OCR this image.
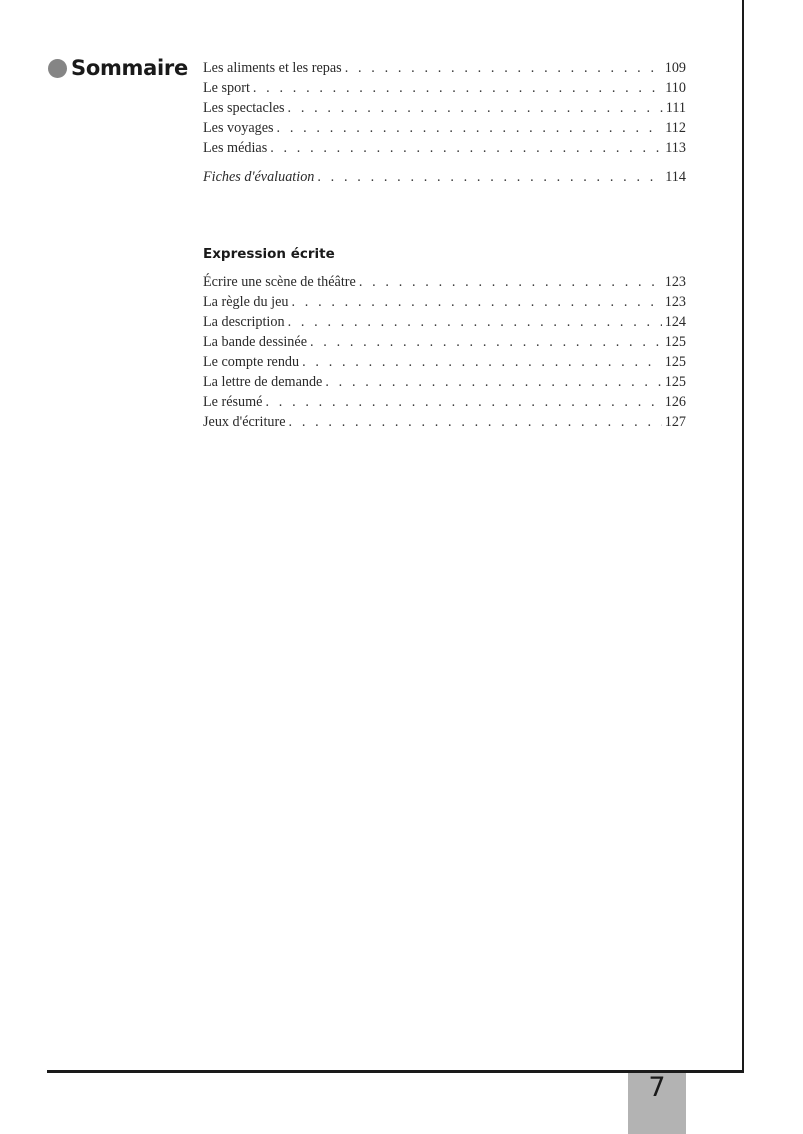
Sommaire Les aliments et les repas . . .	109
Le sport . . .	110
Les spectacles . . .	111
Les voyages . . .	112
Les médias . . .	113
Fiches d'évaluation . . .	114
Expression écrite
Écrire une scène de théâtre . . .	123
La règle du jeu . . .	123
La description . . .	124
La bande dessinée . . .	125
Le compte rendu . . .	125
La lettre de demande . . .	125
Le résumé . . .	126
Jeux d'écriture . . .	127
7
